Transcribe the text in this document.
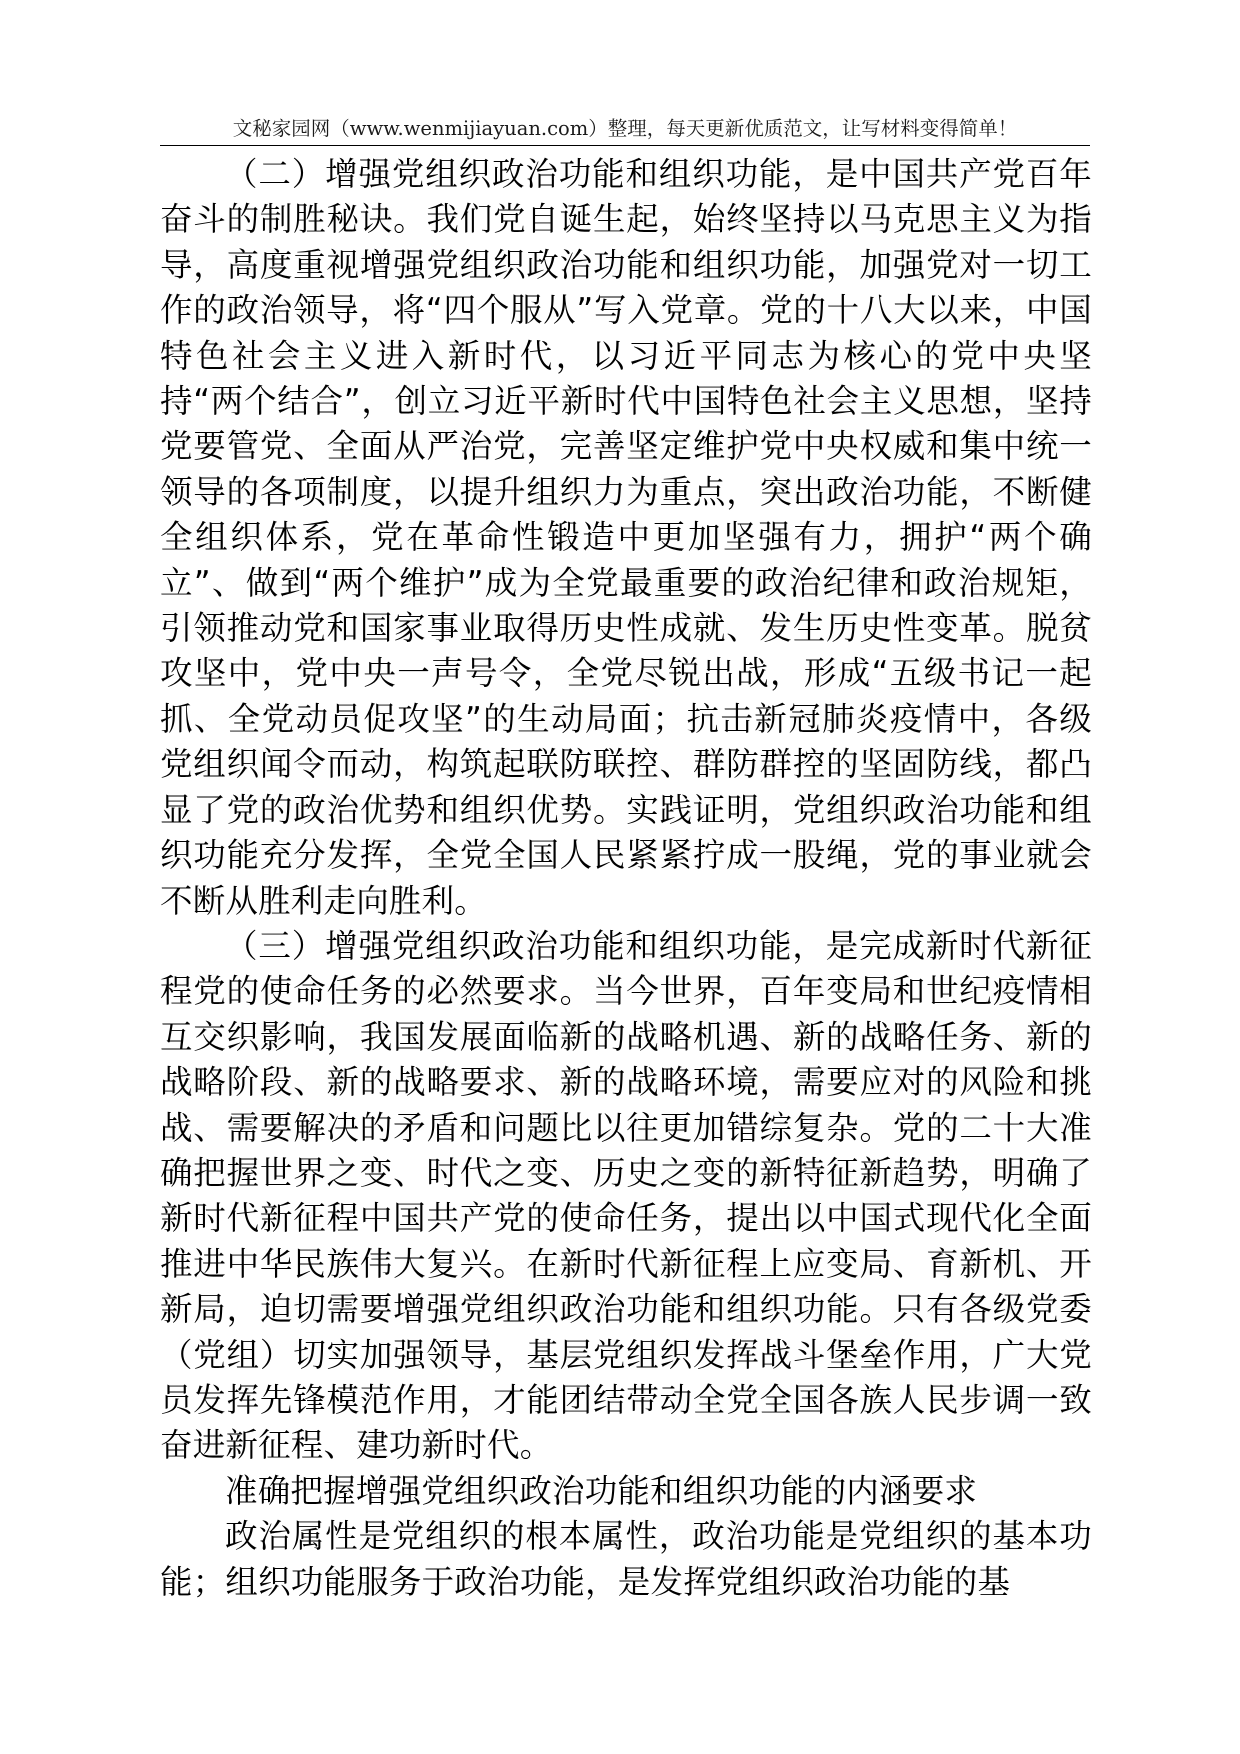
文秘家园网（www.wenmijiayuan.com）整理，每天更新优质范文，让写材料变得简单！

（二）增强党组织政治功能和组织功能，是中国共产党百年奋斗的制胜秘诀。我们党自诞生起，始终坚持以马克思主义为指导，高度重视增强党组织政治功能和组织功能，加强党对一切工作的政治领导，将“四个服从”写入党章。党的十八大以来，中国特色社会主义进入新时代，以习近平同志为核心的党中央坚持“两个结合”，创立习近平新时代中国特色社会主义思想，坚持党要管党、全面从严治党，完善坚定维护党中央权威和集中统一领导的各项制度，以提升组织力为重点，突出政治功能，不断健全组织体系，党在革命性锻造中更加坚强有力，拥护“两个确立”、做到“两个维护”成为全党最重要的政治纪律和政治规矩，引领推动党和国家事业取得历史性成就、发生历史性变革。脱贫攻坚中，党中央一声号令，全党尽锐出战，形成“五级书记一起抓、全党动员促攻坚”的生动局面；抗击新冠肺炎疫情中，各级党组织闻令而动，构筑起联防联控、群防群控的坚固防线，都凸显了党的政治优势和组织优势。实践证明，党组织政治功能和组织功能充分发挥，全党全国人民紧紧拧成一股绳，党的事业就会不断从胜利走向胜利。

（三）增强党组织政治功能和组织功能，是完成新时代新征程党的使命任务的必然要求。当今世界，百年变局和世纪疫情相互交织影响，我国发展面临新的战略机遇、新的战略任务、新的战略阶段、新的战略要求、新的战略环境，需要应对的风险和挑战、需要解决的矛盾和问题比以往更加错综复杂。党的二十大准确把握世界之变、时代之变、历史之变的新特征新趋势，明确了新时代新征程中国共产党的使命任务，提出以中国式现代化全面推进中华民族伟大复兴。在新时代新征程上应变局、育新机、开新局，迫切需要增强党组织政治功能和组织功能。只有各级党委（党组）切实加强领导，基层党组织发挥战斗堡垒作用，广大党员发挥先锋模范作用，才能团结带动全党全国各族人民步调一致奋进新征程、建功新时代。

准确把握增强党组织政治功能和组织功能的内涵要求

政治属性是党组织的根本属性，政治功能是党组织的基本功能；组织功能服务于政治功能，是发挥党组织政治功能的基
